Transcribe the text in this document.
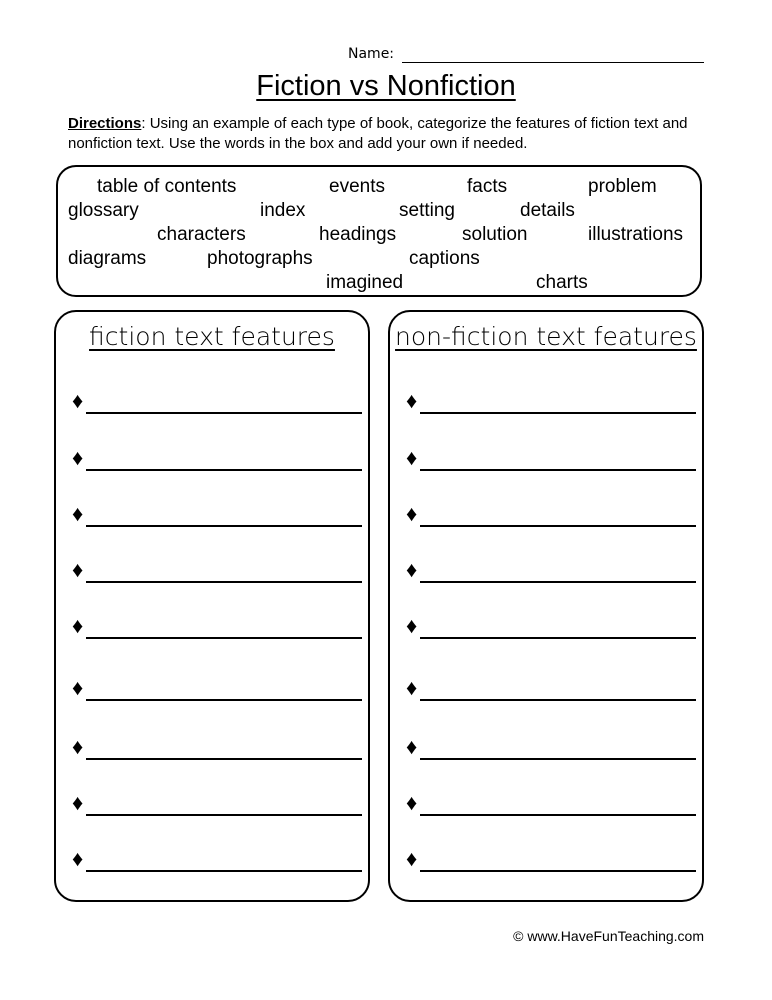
Name:
Fiction vs Nonfiction
Directions: Using an example of each type of book, categorize the features of fiction text and nonfiction text. Use the words in the box and add your own if needed.
table of contents	events	facts	problem
glossary	index	setting	details
characters	headings	solution	illustrations
diagrams	photographs	captions
imagined	charts
fiction text features
♦
♦
♦
♦
♦
♦
♦
♦
♦
non-fiction text features
♦
♦
♦
♦
♦
♦
♦
♦
♦
© www.HaveFunTeaching.com
